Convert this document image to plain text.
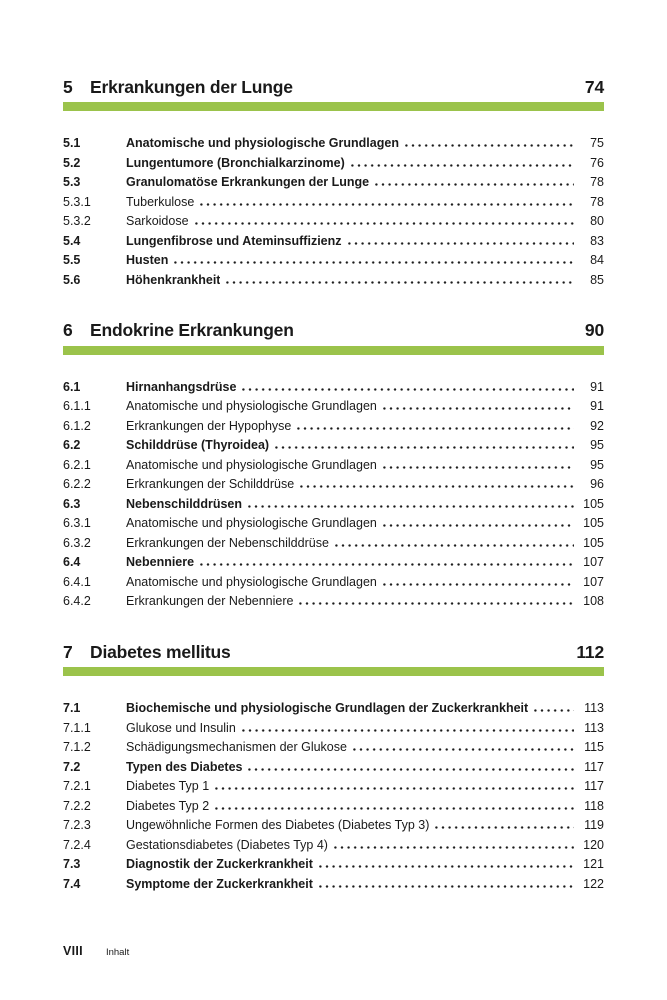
5 Erkrankungen der Lunge	74
5.1	Anatomische und physiologische Grundlagen	75
5.2	Lungentumore (Bronchialkarzinome)	76
5.3	Granulomatöse Erkrankungen der Lunge	78
5.3.1	Tuberkulose	78
5.3.2	Sarkoidose	80
5.4	Lungenfibrose und Ateminsuffizienz	83
5.5	Husten	84
5.6	Höhenkrankheit	85
6 Endokrine Erkrankungen	90
6.1	Hirnanhangsdrüse	91
6.1.1	Anatomische und physiologische Grundlagen	91
6.1.2	Erkrankungen der Hypophyse	92
6.2	Schilddrüse (Thyroidea)	95
6.2.1	Anatomische und physiologische Grundlagen	95
6.2.2	Erkrankungen der Schilddrüse	96
6.3	Nebenschilddrüsen	105
6.3.1	Anatomische und physiologische Grundlagen	105
6.3.2	Erkrankungen der Nebenschilddrüse	105
6.4	Nebenniere	107
6.4.1	Anatomische und physiologische Grundlagen	107
6.4.2	Erkrankungen der Nebenniere	108
7 Diabetes mellitus	112
7.1	Biochemische und physiologische Grundlagen der Zuckerkrankheit	113
7.1.1	Glukose und Insulin	113
7.1.2	Schädigungsmechanismen der Glukose	115
7.2	Typen des Diabetes	117
7.2.1	Diabetes Typ 1	117
7.2.2	Diabetes Typ 2	118
7.2.3	Ungewöhnliche Formen des Diabetes (Diabetes Typ 3)	119
7.2.4	Gestationsdiabetes (Diabetes Typ 4)	120
7.3	Diagnostik der Zuckerkrankheit	121
7.4	Symptome der Zuckerkrankheit	122
VIII Inhalt
